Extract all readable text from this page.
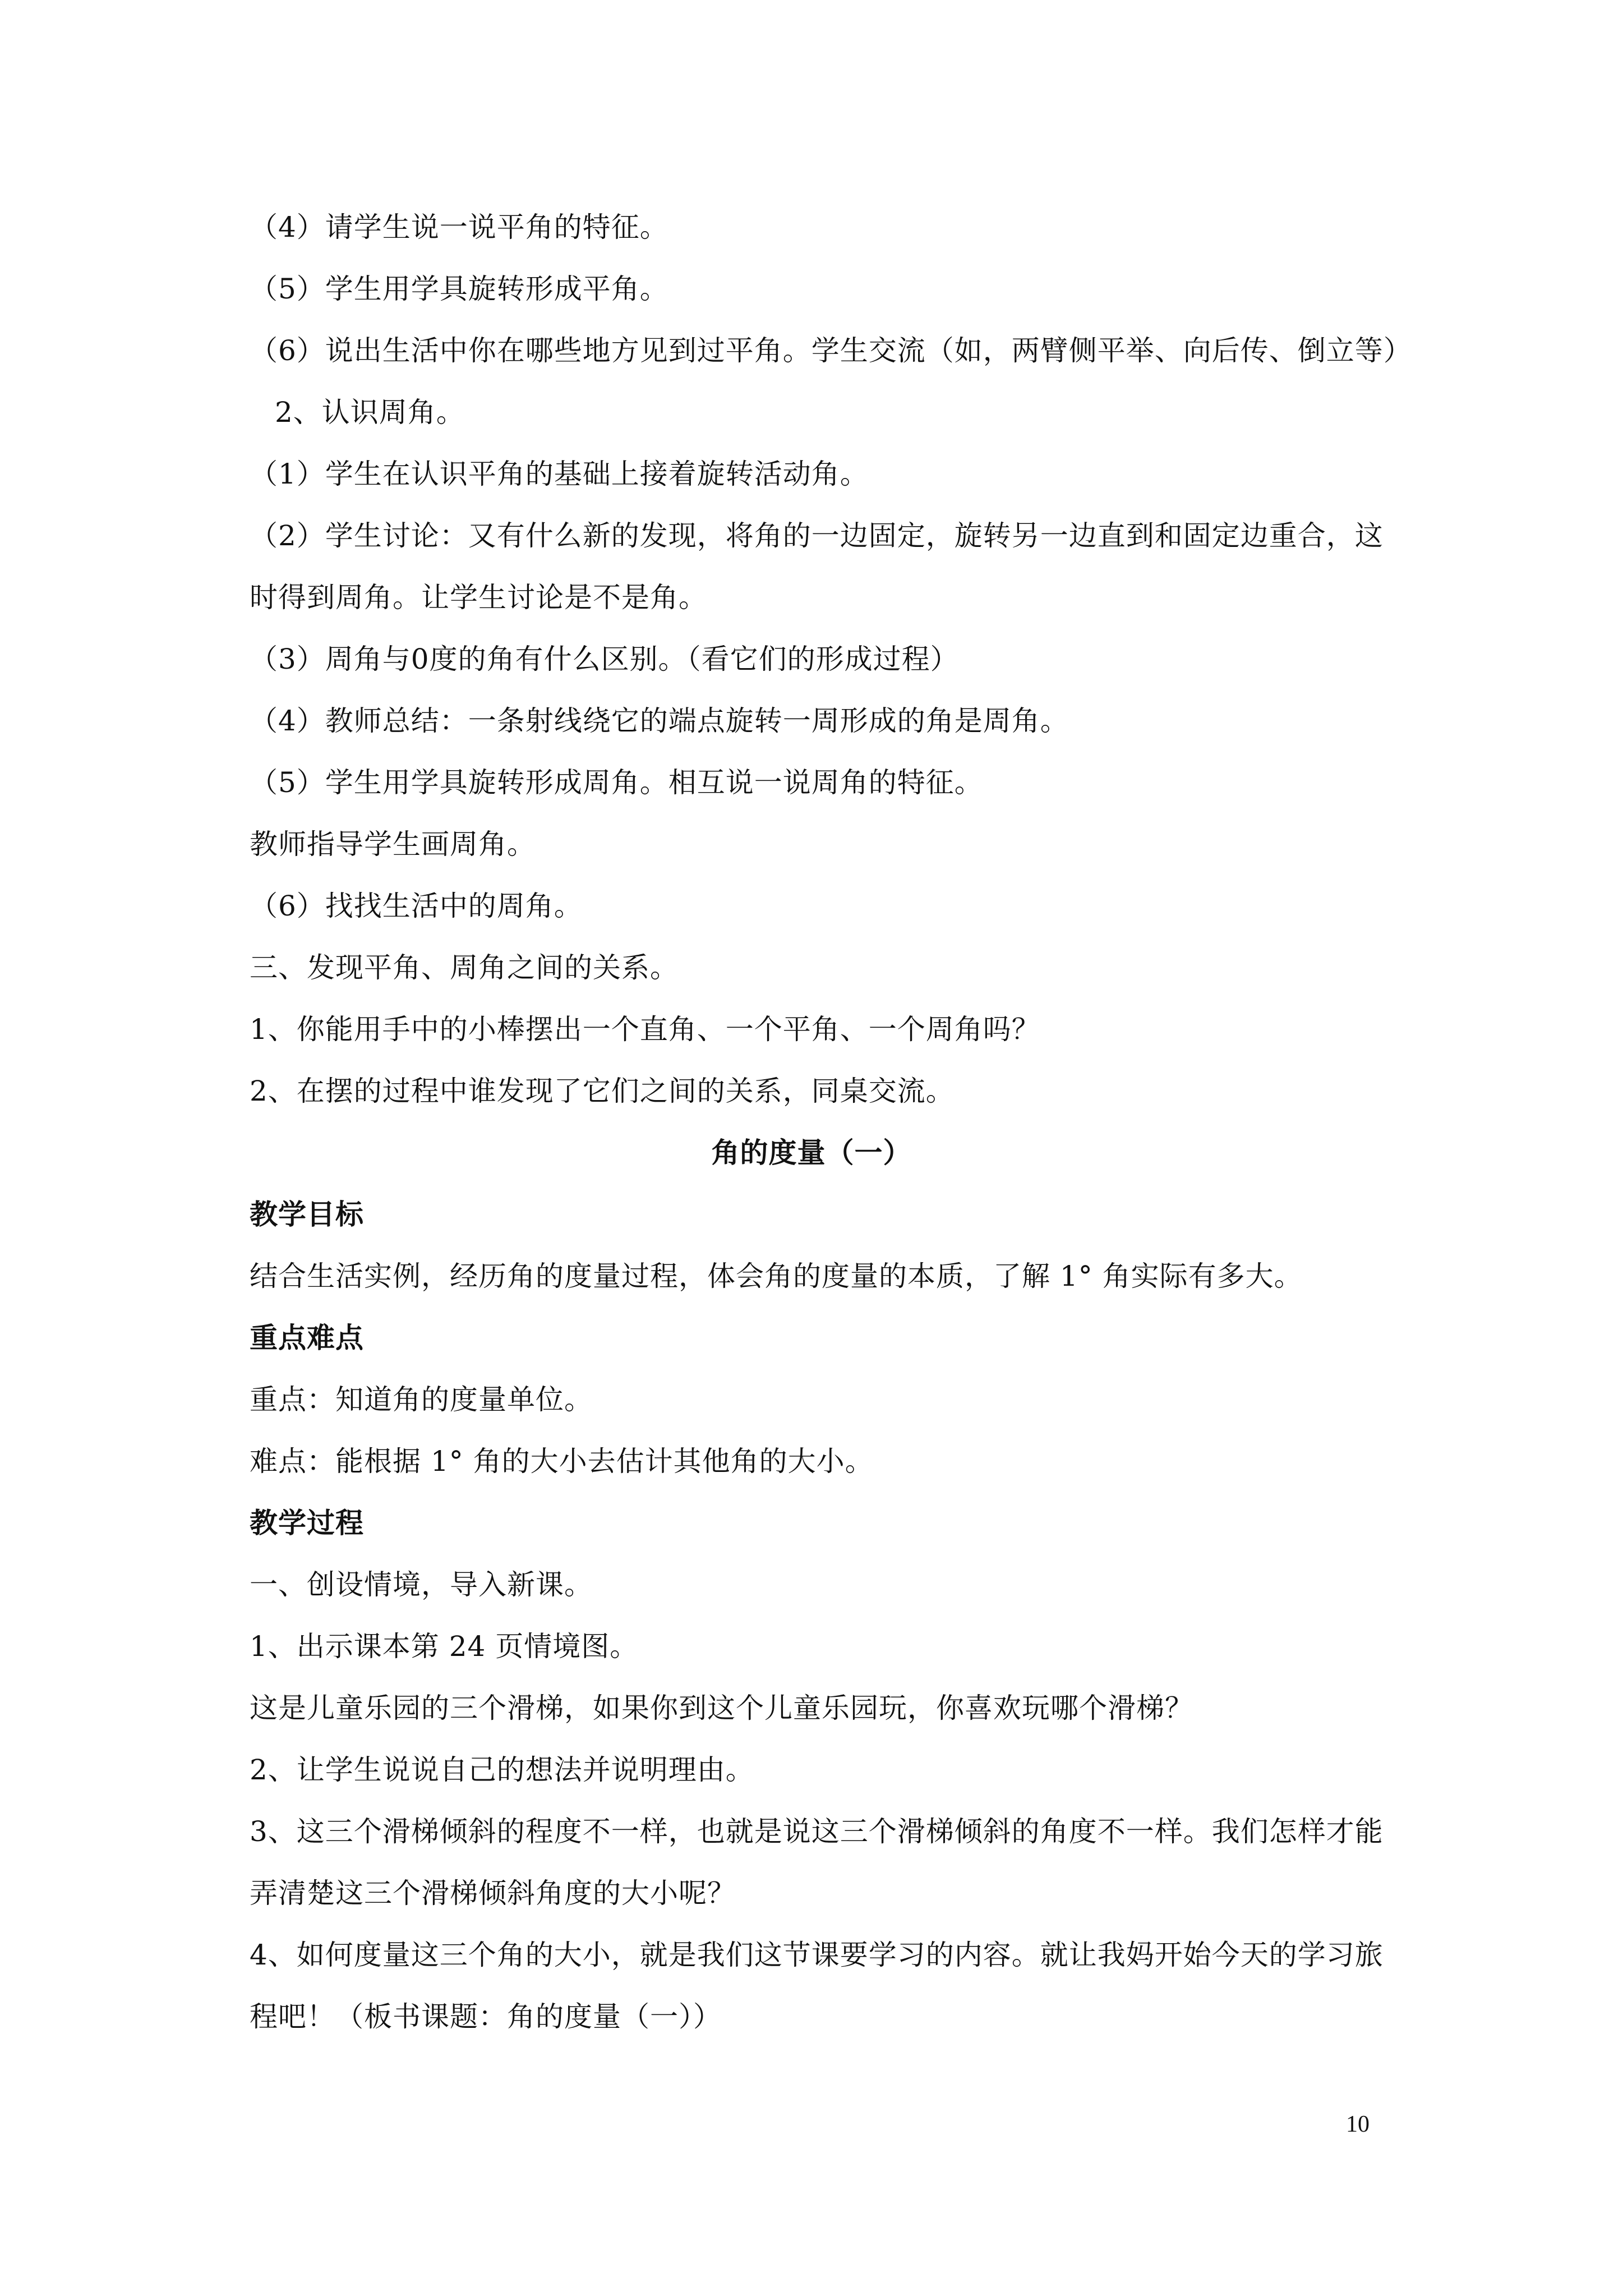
（4）请学生说一说平角的特征。
（5）学生用学具旋转形成平角。
（6）说出生活中你在哪些地方见到过平角。学生交流（如，两臂侧平举、向后传、倒立等）
2、认识周角。
（1）学生在认识平角的基础上接着旋转活动角。
（2）学生讨论：又有什么新的发现，将角的一边固定，旋转另一边直到和固定边重合，这
时得到周角。让学生讨论是不是角。
（3）周角与0度的角有什么区别。（看它们的形成过程）
（4）教师总结：一条射线绕它的端点旋转一周形成的角是周角。
（5）学生用学具旋转形成周角。相互说一说周角的特征。
教师指导学生画周角。
（6）找找生活中的周角。
三、发现平角、周角之间的关系。
1、你能用手中的小棒摆出一个直角、一个平角、一个周角吗？
2、在摆的过程中谁发现了它们之间的关系，同桌交流。
角的度量（一）
教学目标
结合生活实例，经历角的度量过程，体会角的度量的本质，了解 1° 角实际有多大。
重点难点
重点：知道角的度量单位。
难点：能根据 1° 角的大小去估计其他角的大小。
教学过程
一、创设情境，导入新课。
1、出示课本第 24 页情境图。
这是儿童乐园的三个滑梯，如果你到这个儿童乐园玩，你喜欢玩哪个滑梯？
2、让学生说说自己的想法并说明理由。
3、这三个滑梯倾斜的程度不一样，也就是说这三个滑梯倾斜的角度不一样。我们怎样才能
弄清楚这三个滑梯倾斜角度的大小呢？
4、如何度量这三个角的大小，就是我们这节课要学习的内容。就让我妈开始今天的学习旅
程吧！（板书课题：角的度量（一））
10
